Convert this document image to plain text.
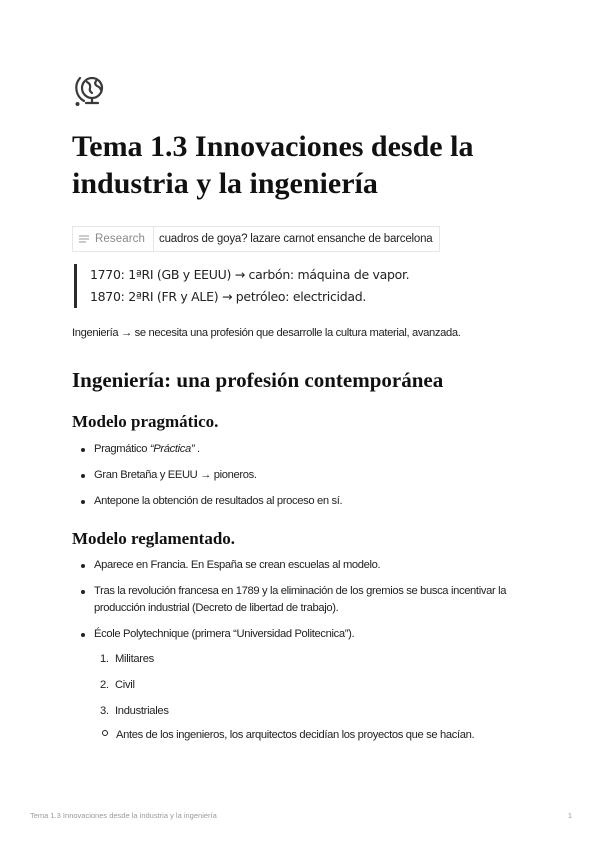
Tema 1.3 Innovaciones desde la industria y la ingeniería
Research	cuadros de goya? lazare carnot ensanche de barcelona

1770: 1ªRI (GB y EEUU) → carbón: máquina de vapor.

1870: 2ªRI (FR y ALE) → petróleo: electricidad.

Ingeniería → se necesita una profesión que desarrolle la cultura material, avanzada.

Ingeniería: una profesión contemporánea
Modelo pragmático.
Pragmático “Práctica” .
Gran Bretaña y EEUU → pioneros.
Antepone la obtención de resultados al proceso en sí.
Modelo reglamentado.
Aparece en Francia. En España se crean escuelas al modelo.
Tras la revolución francesa en 1789 y la eliminación de los gremios se busca incentivar la producción industrial (Decreto de libertad de trabajo).
École Polytechnique (primera “Universidad Politecnica”).
1. Militares
2. Civil
3. Industriales
Antes de los ingenieros, los arquitectos decidían los proyectos que se hacían.
Tema 1.3 Innovaciones desde la industria y la ingeniería	1
